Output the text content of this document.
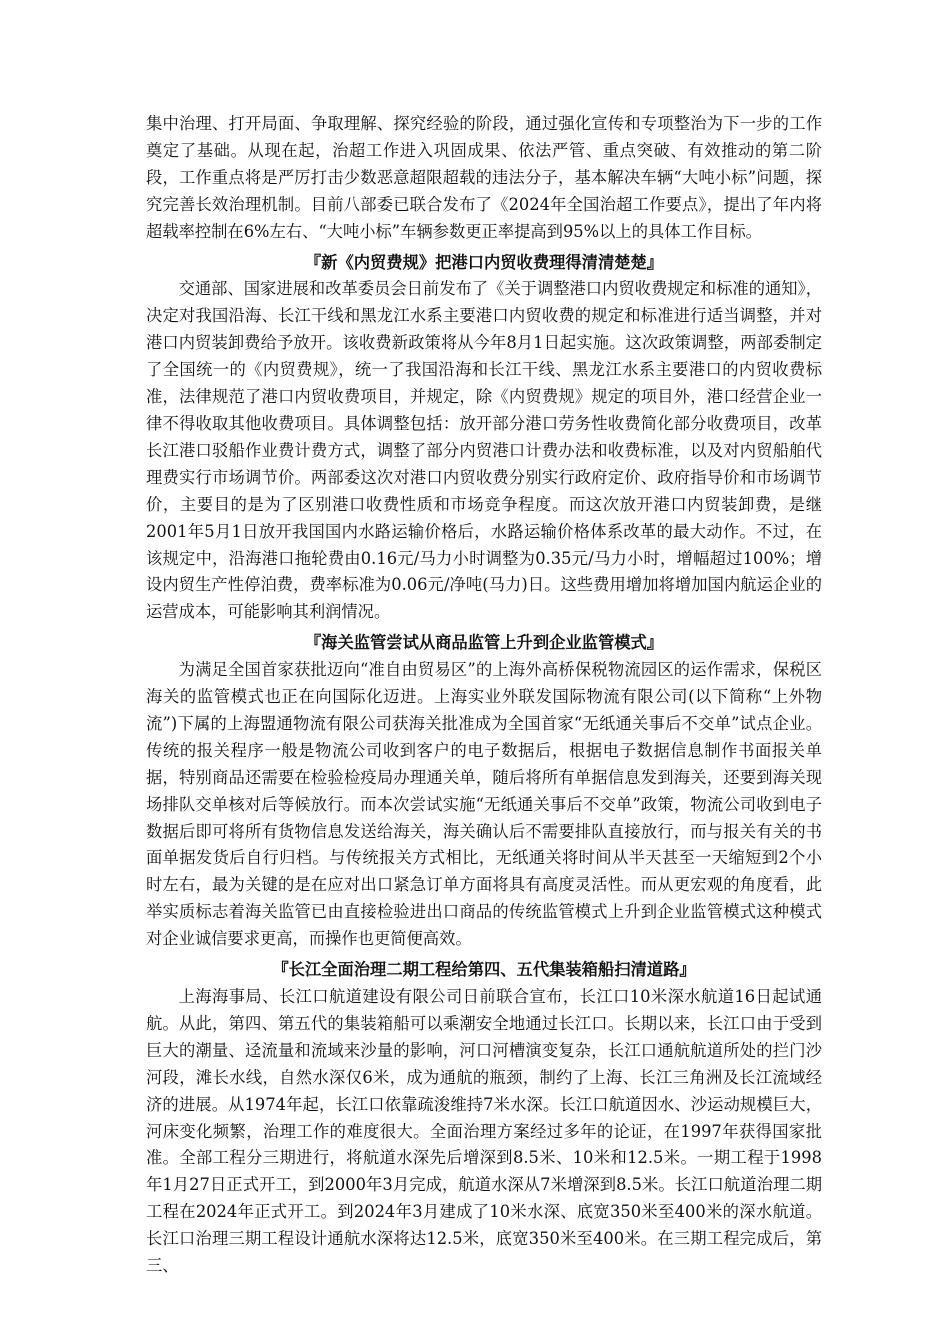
集中治理、打开局面、争取理解、探究经验的阶段，通过强化宣传和专项整治为下一步的工作奠定了基础。从现在起，治超工作进入巩固成果、依法严管、重点突破、有效推动的第二阶段，工作重点将是严厉打击少数恶意超限超载的违法分子，基本解决车辆“大吨小标”问题，探究完善长效治理机制。目前八部委已联合发布了《2024年全国治超工作要点》，提出了年内将超载率控制在6%左右、“大吨小标”车辆参数更正率提高到95%以上的具体工作目标。

『新《内贸费规》把港口内贸收费理得清清楚楚』

交通部、国家进展和改革委员会日前发布了《关于调整港口内贸收费规定和标准的通知》，决定对我国沿海、长江干线和黑龙江水系主要港口内贸收费的规定和标准进行适当调整，并对港口内贸装卸费给予放开。该收费新政策将从今年8月1日起实施。这次政策调整，两部委制定了全国统一的《内贸费规》，统一了我国沿海和长江干线、黑龙江水系主要港口的内贸收费标准，法律规范了港口内贸收费项目，并规定，除《内贸费规》规定的项目外，港口经营企业一律不得收取其他收费项目。具体调整包括：放开部分港口劳务性收费简化部分收费项目，改革长江港口驳船作业费计费方式，调整了部分内贸港口计费办法和收费标准，以及对内贸船舶代理费实行市场调节价。两部委这次对港口内贸收费分别实行政府定价、政府指导价和市场调节价，主要目的是为了区别港口收费性质和市场竞争程度。而这次放开港口内贸装卸费，是继2001年5月1日放开我国国内水路运输价格后，水路运输价格体系改革的最大动作。不过，在该规定中，沿海港口拖轮费由0.16元/马力小时调整为0.35元/马力小时，增幅超过100%；增设内贸生产性停泊费，费率标准为0.06元/净吨(马力)日。这些费用增加将增加国内航运企业的运营成本，可能影响其利润情况。

『海关监管尝试从商品监管上升到企业监管模式』

为满足全国首家获批迈向“准自由贸易区”的上海外高桥保税物流园区的运作需求，保税区海关的监管模式也正在向国际化迈进。上海实业外联发国际物流有限公司(以下简称“上外物流”)下属的上海盟通物流有限公司获海关批准成为全国首家“无纸通关事后不交单”试点企业。传统的报关程序一般是物流公司收到客户的电子数据后，根据电子数据信息制作书面报关单据，特别商品还需要在检验检疫局办理通关单，随后将所有单据信息发到海关，还要到海关现场排队交单核对后等候放行。而本次尝试实施“无纸通关事后不交单”政策，物流公司收到电子数据后即可将所有货物信息发送给海关，海关确认后不需要排队直接放行，而与报关有关的书面单据发货后自行归档。与传统报关方式相比，无纸通关将时间从半天甚至一天缩短到2个小时左右，最为关键的是在应对出口紧急订单方面将具有高度灵活性。而从更宏观的角度看，此举实质标志着海关监管已由直接检验进出口商品的传统监管模式上升到企业监管模式这种模式对企业诚信要求更高，而操作也更简便高效。

『长江全面治理二期工程给第四、五代集装箱船扫清道路』

上海海事局、长江口航道建设有限公司日前联合宣布，长江口10米深水航道16日起试通航。从此，第四、第五代的集装箱船可以乘潮安全地通过长江口。长期以来，长江口由于受到巨大的潮量、迳流量和流域来沙量的影响，河口河槽演变复杂，长江口通航航道所处的拦门沙河段，滩长水线，自然水深仅6米，成为通航的瓶颈，制约了上海、长江三角洲及长江流域经济的进展。从1974年起，长江口依靠疏浚维持7米水深。长江口航道因水、沙运动规模巨大，河床变化频繁，治理工作的难度很大。全面治理方案经过多年的论证，在1997年获得国家批准。全部工程分三期进行，将航道水深先后增深到8.5米、10米和12.5米。一期工程于1998年1月27日正式开工，到2000年3月完成，航道水深从7米增深到8.5米。长江口航道治理二期工程在2024年正式开工。到2024年3月建成了10米水深、底宽350米至400米的深水航道。长江口治理三期工程设计通航水深将达12.5米，底宽350米至400米。在三期工程完成后，第三、
